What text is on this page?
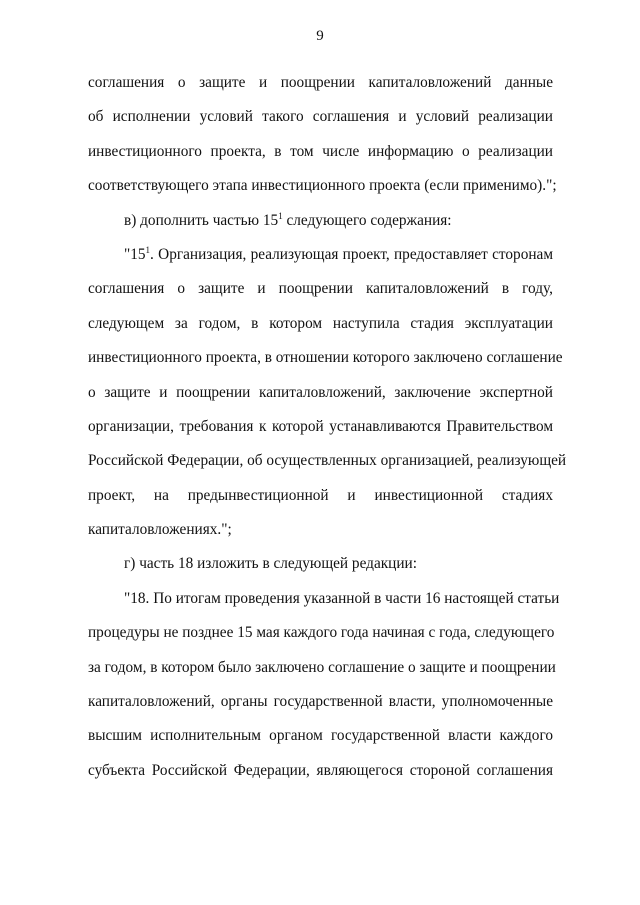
9
соглашения о защите и поощрении капиталовложений данные
об исполнении условий такого соглашения и условий реализации
инвестиционного проекта, в том числе информацию о реализации
соответствующего этапа инвестиционного проекта (если применимо).";
в) дополнить частью $15^1$ следующего содержания:
"$15^1$. Организация, реализующая проект, предоставляет сторонам
соглашения о защите и поощрении капиталовложений в году,
следующем за годом, в котором наступила стадия эксплуатации
инвестиционного проекта, в отношении которого заключено соглашение
о защите и поощрении капиталовложений, заключение экспертной
организации, требования к которой устанавливаются Правительством
Российской Федерации, об осуществленных организацией, реализующей
проект, на предынвестиционной и инвестиционной стадиях
капиталовложениях.";
г) часть 18 изложить в следующей редакции:
"18. По итогам проведения указанной в части 16 настоящей статьи
процедуры не позднее 15 мая каждого года начиная с года, следующего
за годом, в котором было заключено соглашение о защите и поощрении
капиталовложений, органы государственной власти, уполномоченные
высшим исполнительным органом государственной власти каждого
субъекта Российской Федерации, являющегося стороной соглашения
